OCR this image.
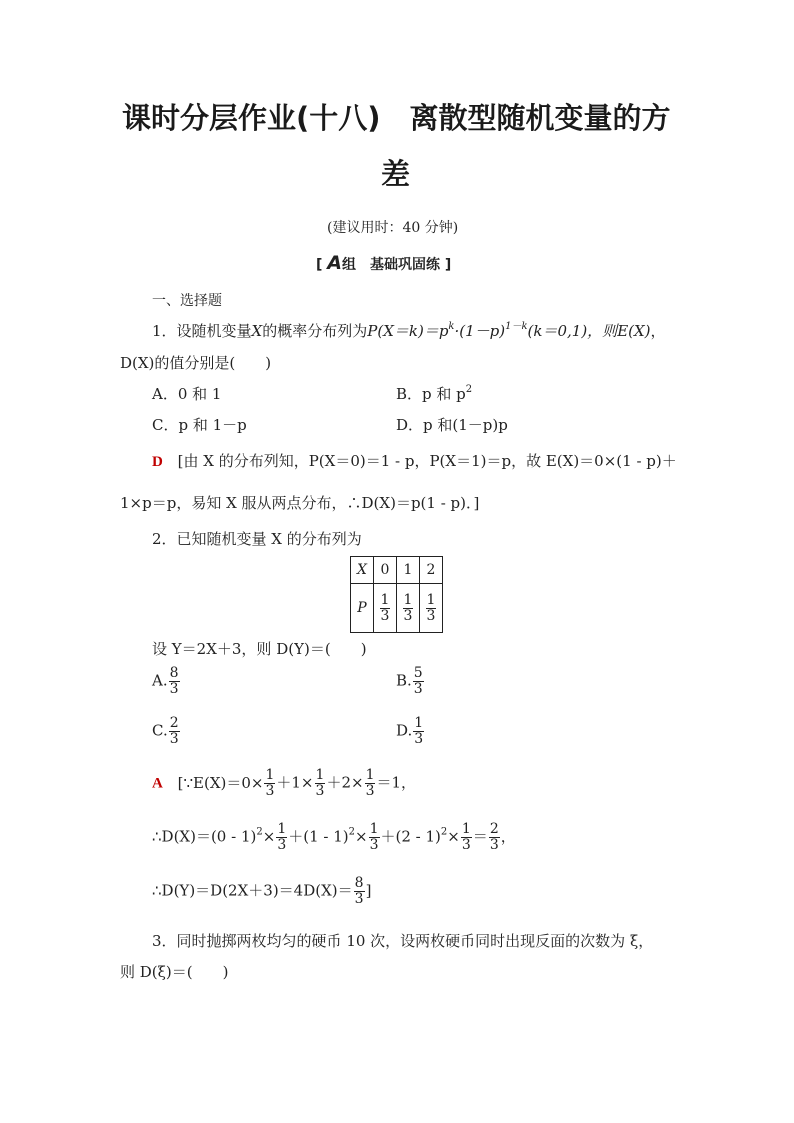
课时分层作业(十八)　离散型随机变量的方
差
(建议用时：40 分钟)
[ A组　基础巩固练 ]
一、选择题
1．设随机变量X的概率分布列为$P(X=k)=p^k\cdot(1-p)^{1-k}(k=0,1)$，则E(X)，
D(X)的值分别是(　　)
A．0 和 1	B．p 和 $p^2$
C．p 和 1－p	D．p 和(1－p)p
D [由 X 的分布列知，P(X＝0)＝1 - p，P(X＝1)＝p，故 E(X)＝0×(1 - p)＋
1×p＝p，易知 X 服从两点分布，∴D(X)＝p(1 - p)．]
2．已知随机变量 X 的分布列为
X	0	1	2
P	$\frac{1}{3}$	$\frac{1}{3}$	$\frac{1}{3}$
设 Y＝2X＋3，则 D(Y)＝(　　)
A. $\frac{8}{3}$	B. $\frac{5}{3}$
C. $\frac{2}{3}$	D. $\frac{1}{3}$
A [∵E(X)＝0× $\frac{1}{3} +1\times \frac{1}{3} +2\times \frac{1}{3} =1$，
∴D(X)＝(0 - $1)^2\times \frac{1}{3} +(1 - 1)^2\times \frac{1}{3} +(2 - 1)^2\times \frac{1}{3} = \frac{2}{3}$ ，
∴D(Y)＝D(2X＋3)＝4D(X)＝ $\frac{8}{3}$ ]
3．同时抛掷两枚均匀的硬币 10 次，设两枚硬币同时出现反面的次数为 ξ，
则 D(ξ)＝(　　)
